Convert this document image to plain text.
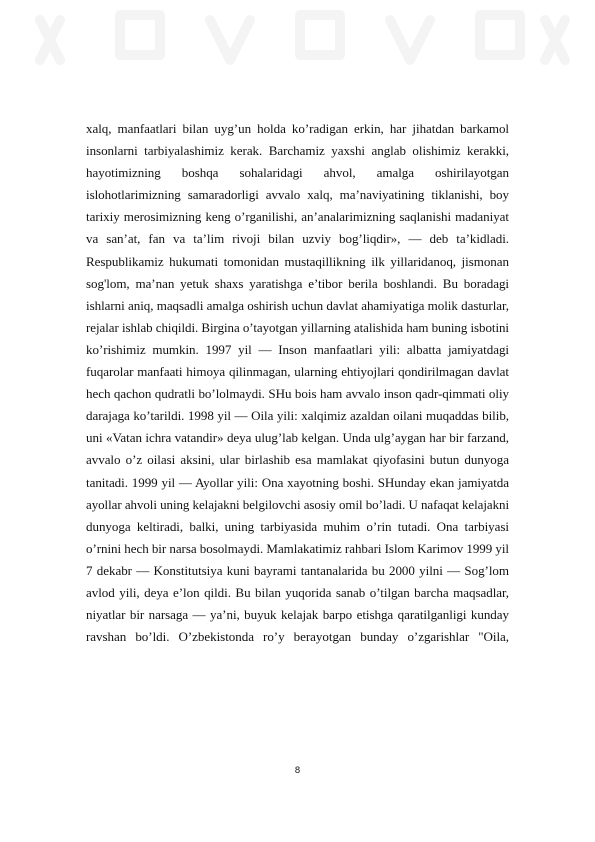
xalq, manfaatlari bilan uyg’un holda ko’radigan erkin, har jihatdan barkamol
insonlarni tarbiyalashimiz kerak. Barchamiz yaxshi anglab olishimiz kerakki,
hayotimizning boshqa sohalaridagi ahvol, amalga oshirilayotgan
islohotlarimizning samaradorligi avvalo xalq, ma’naviyatining tiklanishi, boy
tarixiy merosimizning keng o’rganilishi, an’analarimizning saqlanishi madaniyat
va san’at, fan va ta’lim rivoji bilan uzviy bog’liqdir», — deb ta’kidladi.
Respublikamiz hukumati tomonidan mustaqillikning ilk yillaridanoq, jismonan
sog'lom, ma’nan yetuk shaxs yaratishga e’tibor berila boshlandi. Bu boradagi
ishlarni aniq, maqsadli amalga oshirish uchun davlat ahamiyatiga molik dasturlar,
rejalar ishlab chiqildi. Birgina o’tayotgan yillarning atalishida ham buning isbotini
ko’rishimiz mumkin. 1997 yil — Inson manfaatlari yili: albatta jamiyatdagi
fuqarolar manfaati himoya qilinmagan, ularning ehtiyojlari qondirilmagan davlat
hech qachon qudratli bo’lolmaydi. SHu bois ham avvalo inson qadr-qimmati oliy
darajaga ko’tarildi. 1998 yil — Oila yili: xalqimiz azaldan oilani muqaddas bilib,
uni «Vatan ichra vatandir» deya ulug’lab kelgan. Unda ulg’aygan har bir farzand,
avvalo o’z oilasi aksini, ular birlashib esa mamlakat qiyofasini butun dunyoga
tanitadi. 1999 yil — Ayollar yili: Ona xayotning boshi. SHunday ekan jamiyatda
ayollar ahvoli uning kelajakni belgilovchi asosiy omil bo’ladi. U nafaqat kelajakni
dunyoga keltiradi, balki, uning tarbiyasida muhim o’rin tutadi. Ona tarbiyasi
o’rnini hech bir narsa bosolmaydi. Mamlakatimiz rahbari Islom Karimov 1999 yil
7 dekabr — Konstitutsiya kuni bayrami tantanalarida bu 2000 yilni — Sog’lom
avlod yili, deya e’lon qildi. Bu bilan yuqorida sanab o’tilgan barcha maqsadlar,
niyatlar bir narsaga — ya’ni, buyuk kelajak barpo etishga qaratilganligi kunday
ravshan bo’ldi. O’zbekistonda ro’y berayotgan bunday o’zgarishlar "Oila,
8
